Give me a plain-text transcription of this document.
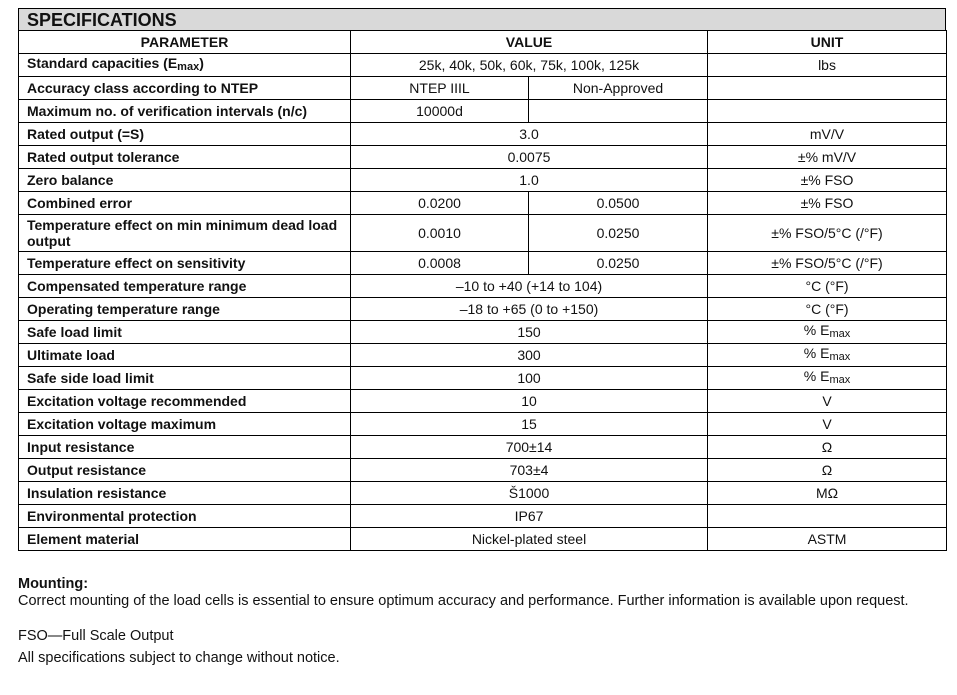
SPECIFICATIONS
PARAMETER	VALUE		UNIT
Standard capacities $(E_{max})$	25k, 40k, 50k, 60k, 75k, 100k, 125k		lbs
Accuracy class according to NTEP	NTEP IIIL	Non-Approved	
Maximum no. of verification intervals (n/c)	10000d		
Rated output (=S)	3.0		mV/V
Rated output tolerance	0.0075		±% mV/V
Zero balance	1.0		±% FSO
Combined error	0.0200	0.0500	±% FSO
Temperature effect on min minimum dead load output	0.0010	0.0250	±% FSO/5°C (/°F)
Temperature effect on sensitivity	0.0008	0.0250	±% FSO/5°C (/°F)
Compensated temperature range	–10 to +40 (+14 to 104)		°C (°F)
Operating temperature range	–18 to +65 (0 to +150)		°C (°F)
Safe load limit	150		% $E_{max}$
Ultimate load	300		% $E_{max}$
Safe side load limit	100		% $E_{max}$
Excitation voltage recommended	10		V
Excitation voltage maximum	15		V
Input resistance	700±14		Ω
Output resistance	703±4		Ω
Insulation resistance	Š1000		MΩ
Environmental protection	IP67		
Element material	Nickel-plated steel		ASTM

Mounting:

Correct mounting of the load cells is essential to ensure optimum accuracy and performance. Further information is available upon request.

FSO—Full Scale Output

All specifications subject to change without notice.
